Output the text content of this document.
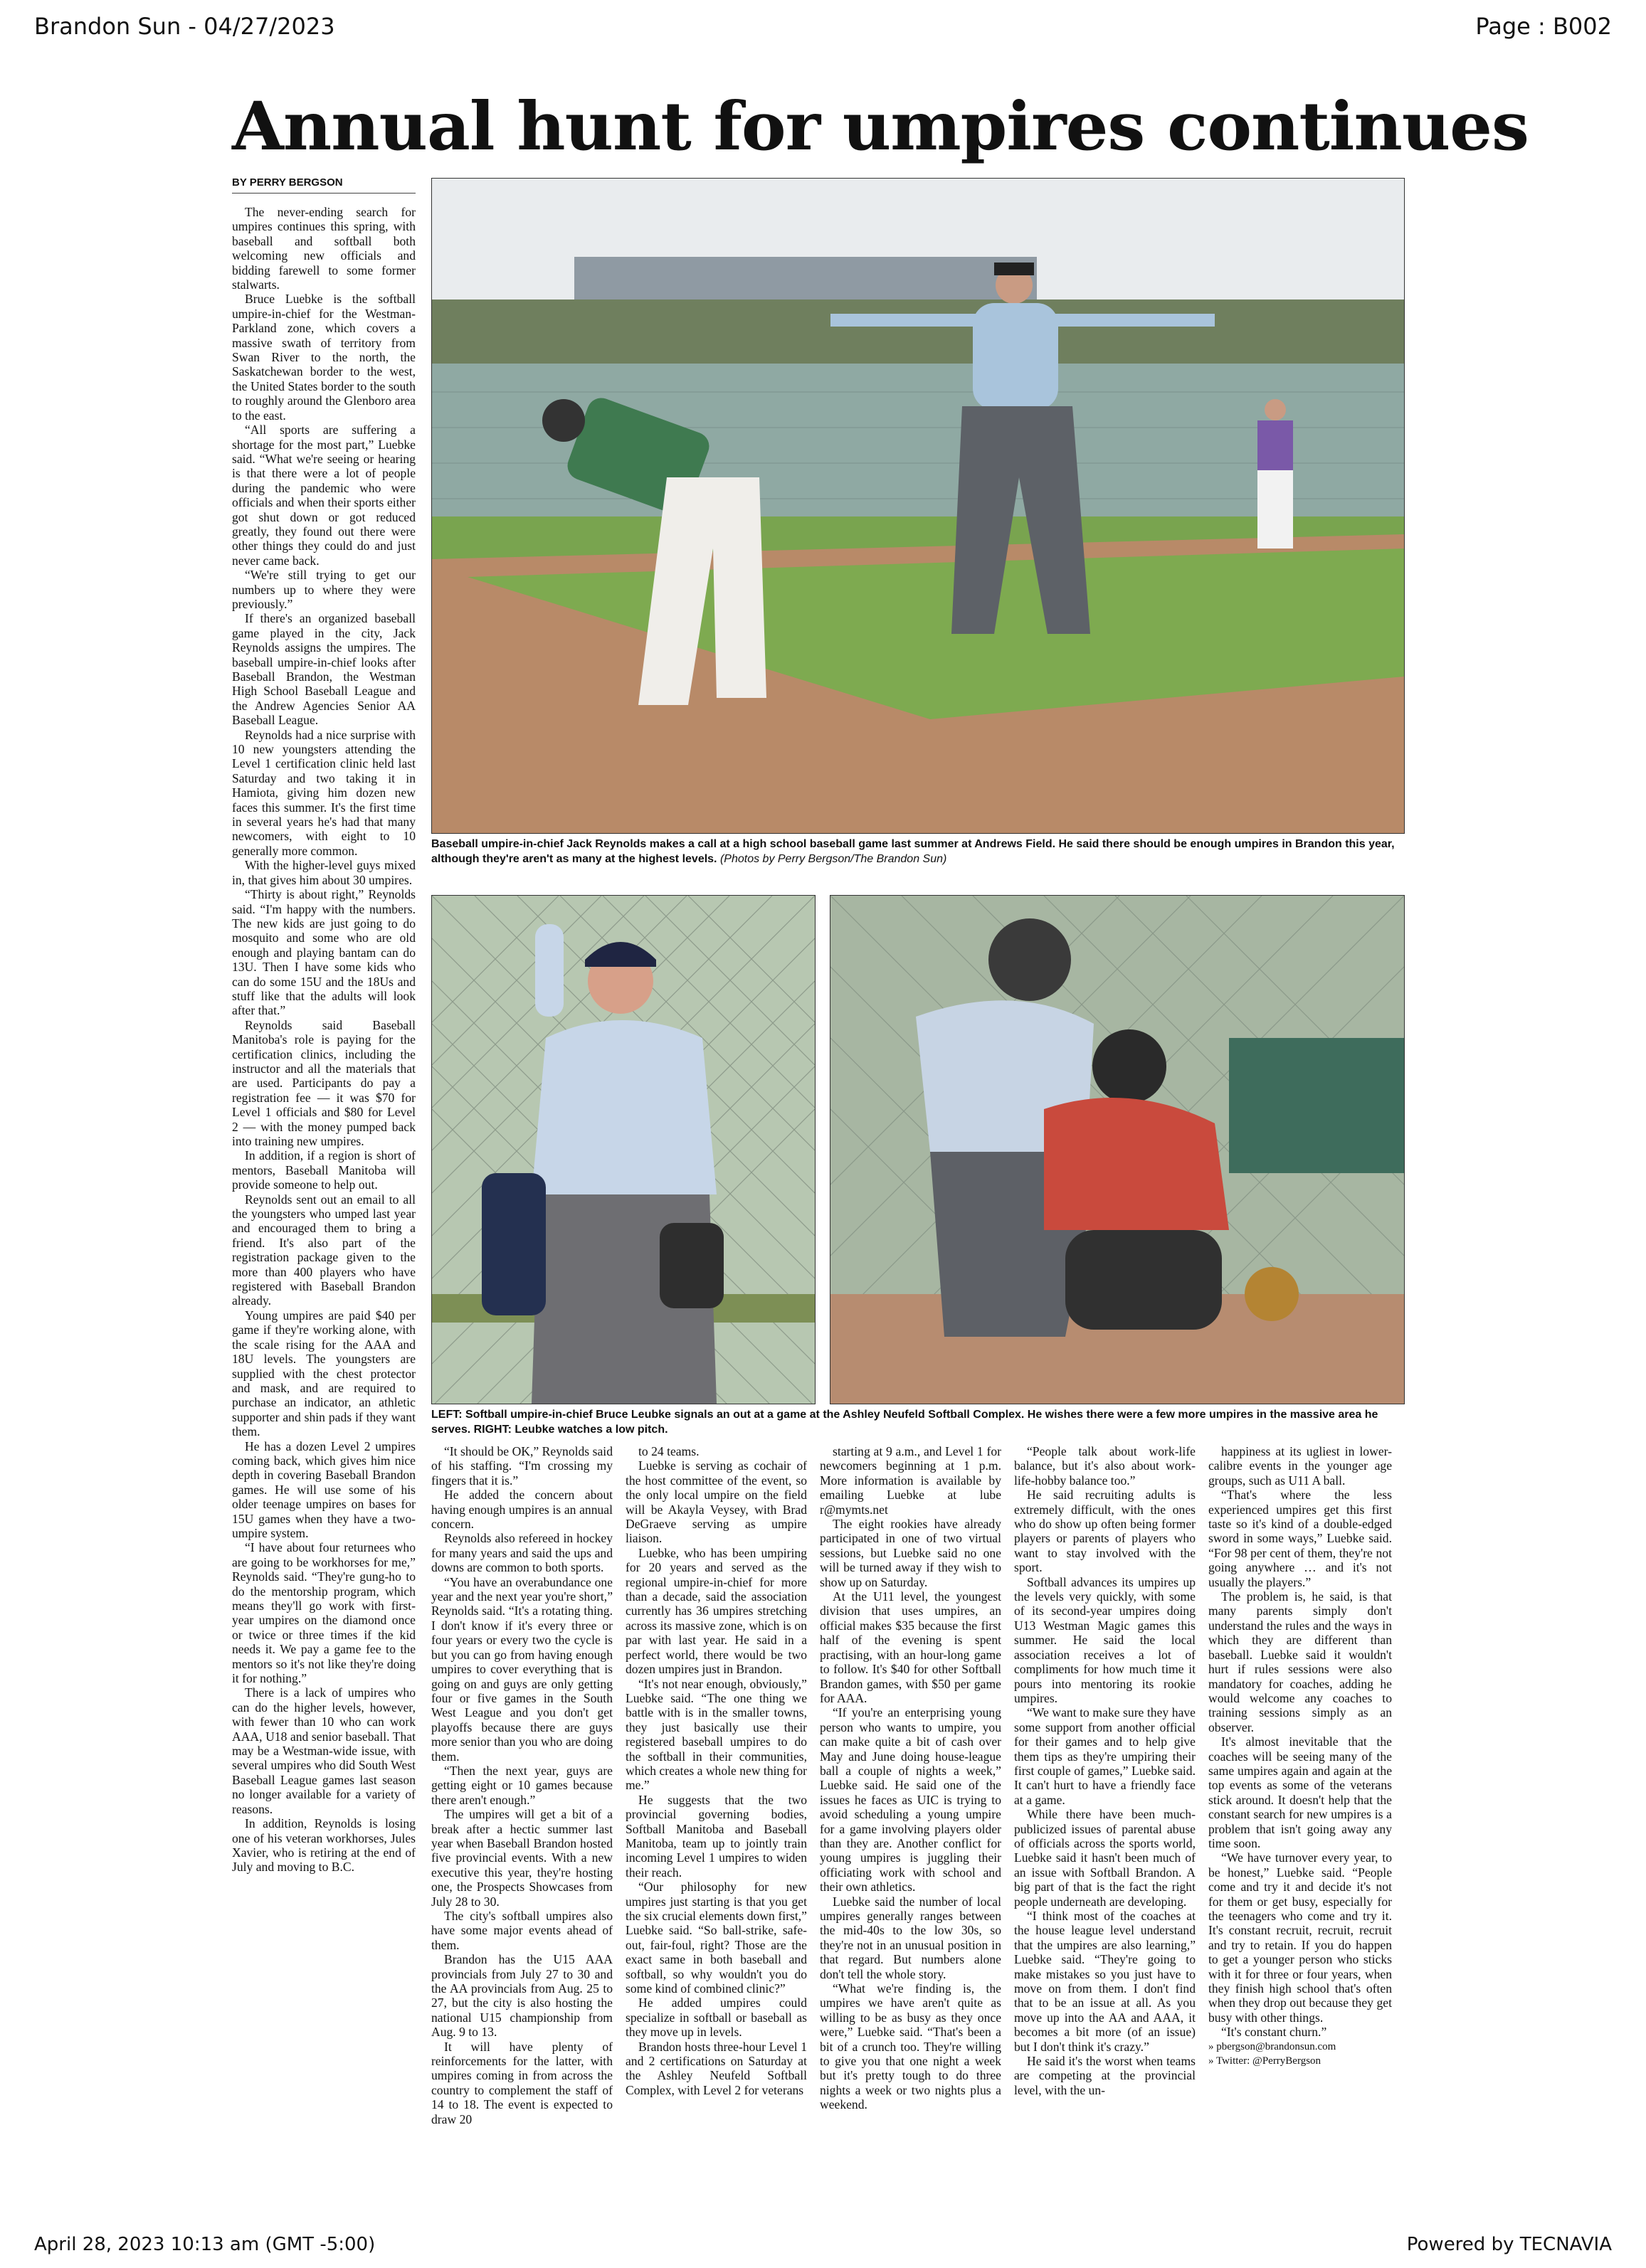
Brandon Sun - 04/27/2023	Page : B002
Annual hunt for umpires continues
BY PERRY BERGSON
Baseball umpire-in-chief Jack Reynolds makes a call at a high school baseball game last summer at Andrews Field. He said there should be enough umpires in Brandon this year, although they're aren't as many at the highest levels. (Photos by Perry Bergson/The Brandon Sun)
LEFT: Softball umpire-in-chief Bruce Leubke signals an out at a game at the Ashley Neufeld Softball Complex. He wishes there were a few more umpires in the massive area he serves. RIGHT: Leubke watches a low pitch.

The never-ending search for umpires continues this spring, with baseball and softball both welcoming new officials and bidding farewell to some former stalwarts.

Bruce Luebke is the softball umpire-in-chief for the Westman-Parkland zone, which covers a massive swath of territory from Swan River to the north, the Saskatchewan border to the west, the United States border to the south to roughly around the Glenboro area to the east.

“All sports are suffering a shortage for the most part,” Luebke said. “What we're seeing or hearing is that there were a lot of people during the pandemic who were officials and when their sports either got shut down or got reduced greatly, they found out there were other things they could do and just never came back.

“We're still trying to get our numbers up to where they were previously.”

If there's an organized baseball game played in the city, Jack Reynolds assigns the umpires. The baseball umpire-in-chief looks after Baseball Brandon, the Westman High School Baseball League and the Andrew Agencies Senior AA Baseball League.

Reynolds had a nice surprise with 10 new youngsters attending the Level 1 certification clinic held last Saturday and two taking it in Hamiota, giving him dozen new faces this summer. It's the first time in several years he's had that many newcomers, with eight to 10 generally more common.

With the higher-level guys mixed in, that gives him about 30 umpires.

“Thirty is about right,” Reynolds said. “I'm happy with the numbers. The new kids are just going to do mosquito and some who are old enough and playing bantam can do 13U. Then I have some kids who can do some 15U and the 18Us and stuff like that the adults will look after that.”

Reynolds said Baseball Manitoba's role is paying for the certification clinics, including the instructor and all the materials that are used. Participants do pay a registration fee — it was $70 for Level 1 officials and $80 for Level 2 — with the money pumped back into training new umpires.

In addition, if a region is short of mentors, Baseball Manitoba will provide someone to help out.

Reynolds sent out an email to all the youngsters who umped last year and encouraged them to bring a friend. It's also part of the registration package given to the more than 400 players who have registered with Baseball Brandon already.

Young umpires are paid $40 per game if they're working alone, with the scale rising for the AAA and 18U levels. The youngsters are supplied with the chest protector and mask, and are required to purchase an indicator, an athletic supporter and shin pads if they want them.

He has a dozen Level 2 umpires coming back, which gives him nice depth in covering Baseball Brandon games. He will use some of his older teenage umpires on bases for 15U games when they have a two-umpire system.

“I have about four returnees who are going to be workhorses for me,” Reynolds said. “They're gung-ho to do the mentorship program, which means they'll go work with first-year umpires on the diamond once or twice or three times if the kid needs it. We pay a game fee to the mentors so it's not like they're doing it for nothing.”

There is a lack of umpires who can do the higher levels, however, with fewer than 10 who can work AAA, U18 and senior baseball. That may be a Westman-wide issue, with several umpires who did South West Baseball League games last season no longer available for a variety of reasons.

In addition, Reynolds is losing one of his veteran workhorses, Jules Xavier, who is retiring at the end of July and moving to B.C.

“It should be OK,” Reynolds said of his staffing. “I'm crossing my fingers that it is.”

He added the concern about having enough umpires is an annual concern.

Reynolds also refereed in hockey for many years and said the ups and downs are common to both sports.

“You have an overabundance one year and the next year you're short,” Reynolds said. “It's a rotating thing. I don't know if it's every three or four years or every two the cycle is but you can go from having enough umpires to cover everything that is going on and guys are only getting four or five games in the South West League and you don't get playoffs because there are guys more senior than you who are doing them.

“Then the next year, guys are getting eight or 10 games because there aren't enough.”

The umpires will get a bit of a break after a hectic summer last year when Baseball Brandon hosted five provincial events. With a new executive this year, they're hosting one, the Prospects Showcases from July 28 to 30.

The city's softball umpires also have some major events ahead of them.

Brandon has the U15 AAA provincials from July 27 to 30 and the AA provincials from Aug. 25 to 27, but the city is also hosting the national U15 championship from Aug. 9 to 13.

It will have plenty of reinforcements for the latter, with umpires coming in from across the country to complement the staff of 14 to 18. The event is expected to draw 20

to 24 teams.

Luebke is serving as cochair of the host committee of the event, so the only local umpire on the field will be Akayla Veysey, with Brad DeGraeve serving as umpire liaison.

Luebke, who has been umpiring for 20 years and served as the regional umpire-in-chief for more than a decade, said the association currently has 36 umpires stretching across its massive zone, which is on par with last year. He said in a perfect world, there would be two dozen umpires just in Brandon.

“It's not near enough, obviously,” Luebke said. “The one thing we battle with is in the smaller towns, they just basically use their registered baseball umpires to do the softball in their communities, which creates a whole new thing for me.”

He suggests that the two provincial governing bodies, Softball Manitoba and Baseball Manitoba, team up to jointly train incoming Level 1 umpires to widen their reach.

“Our philosophy for new umpires just starting is that you get the six crucial elements down first,” Luebke said. “So ball-strike, safe-out, fair-foul, right? Those are the exact same in both baseball and softball, so why wouldn't you do some kind of combined clinic?”

He added umpires could specialize in softball or baseball as they move up in levels.

Brandon hosts three-hour Level 1 and 2 certifications on Saturday at the Ashley Neufeld Softball Complex, with Level 2 for veterans

starting at 9 a.m., and Level 1 for newcomers beginning at 1 p.m. More information is available by emailing Luebke at lube r@mymts.net

The eight rookies have already participated in one of two virtual sessions, but Luebke said no one will be turned away if they wish to show up on Saturday.

At the U11 level, the youngest division that uses umpires, an official makes $35 because the first half of the evening is spent practising, with an hour-long game to follow. It's $40 for other Softball Brandon games, with $50 per game for AAA.

“If you're an enterprising young person who wants to umpire, you can make quite a bit of cash over May and June doing house-league ball a couple of nights a week,” Luebke said. He said one of the issues he faces as UIC is trying to avoid scheduling a young umpire for a game involving players older than they are. Another conflict for young umpires is juggling their officiating work with school and their own athletics.

Luebke said the number of local umpires generally ranges between the mid-40s to the low 30s, so they're not in an unusual position in that regard. But numbers alone don't tell the whole story.

“What we're finding is, the umpires we have aren't quite as willing to be as busy as they once were,” Luebke said. “That's been a bit of a crunch too. They're willing to give you that one night a week but it's pretty tough to do three nights a week or two nights plus a weekend.

“People talk about work-life balance, but it's also about work-life-hobby balance too.”

He said recruiting adults is extremely difficult, with the ones who do show up often being former players or parents of players who want to stay involved with the sport.

Softball advances its umpires up the levels very quickly, with some of its second-year umpires doing U13 Westman Magic games this summer. He said the local association receives a lot of compliments for how much time it pours into mentoring its rookie umpires.

“We want to make sure they have some support from another official for their games and to help give them tips as they're umpiring their first couple of games,” Luebke said. It can't hurt to have a friendly face at a game.

While there have been much-publicized issues of parental abuse of officials across the sports world, Luebke said it hasn't been much of an issue with Softball Brandon. A big part of that is the fact the right people underneath are developing.

“I think most of the coaches at the house league level understand that the umpires are also learning,” Luebke said. “They're going to make mistakes so you just have to move on from them. I don't find that to be an issue at all. As you move up into the AA and AAA, it becomes a bit more (of an issue) but I don't think it's crazy.”

He said it's the worst when teams are competing at the provincial level, with the un-

happiness at its ugliest in lower-calibre events in the younger age groups, such as U11 A ball.

“That's where the less experienced umpires get this first taste so it's kind of a double-edged sword in some ways,” Luebke said. “For 98 per cent of them, they're not going anywhere … and it's not usually the players.”

The problem is, he said, is that many parents simply don't understand the rules and the ways in which they are different than baseball. Luebke said it wouldn't hurt if rules sessions were also mandatory for coaches, adding he would welcome any coaches to training sessions simply as an observer.

It's almost inevitable that the coaches will be seeing many of the same umpires again and again at the top events as some of the veterans stick around. It doesn't help that the constant search for new umpires is a problem that isn't going away any time soon.

“We have turnover every year, to be honest,” Luebke said. “People come and try it and decide it's not for them or get busy, especially for the teenagers who come and try it. It's constant recruit, recruit, recruit and try to retain. If you do happen to get a younger person who sticks with it for three or four years, when they finish high school that's often when they drop out because they get busy with other things.

“It's constant churn.”

» pbergson@brandonsun.com
» Twitter: @PerryBergson
April 28, 2023 10:13 am (GMT -5:00)	Powered by TECNAVIA
